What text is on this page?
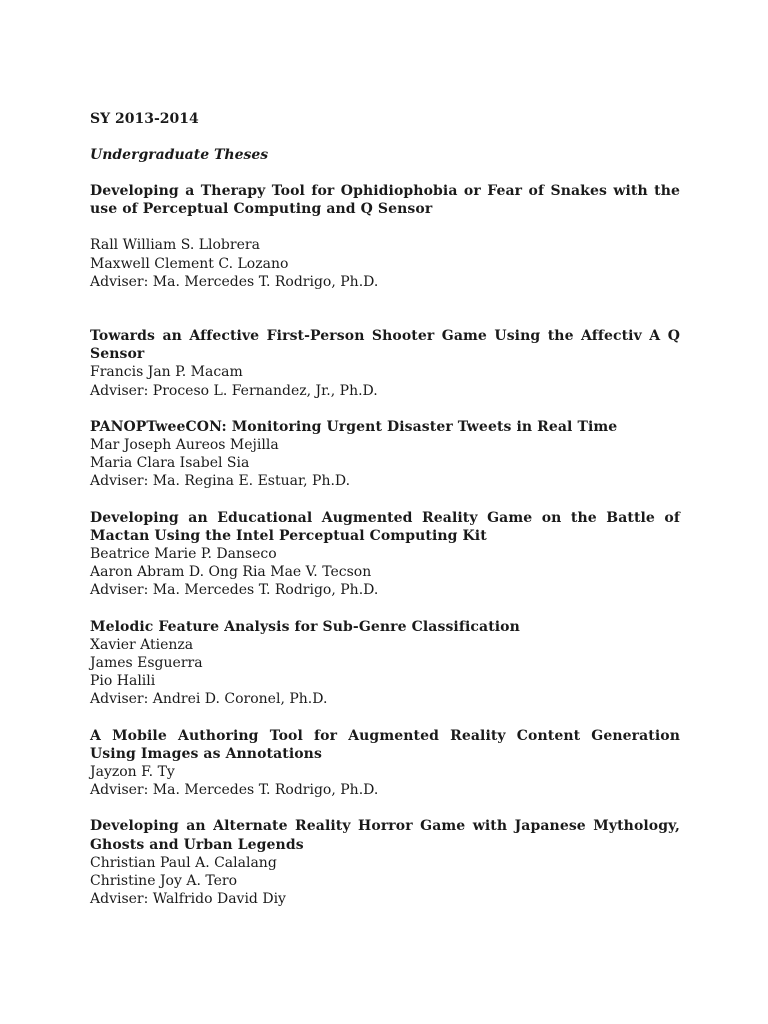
SY 2013-2014
Undergraduate Theses
Developing a Therapy Tool for Ophidiophobia or Fear of Snakes with the use of Perceptual Computing and Q Sensor
Rall William S. Llobrera
Maxwell Clement C. Lozano
Adviser: Ma. Mercedes T. Rodrigo, Ph.D.
Towards an Affective First-Person Shooter Game Using the Affectiv A Q Sensor
Francis Jan P. Macam
Adviser: Proceso L. Fernandez, Jr., Ph.D.
PANOPTweeCON: Monitoring Urgent Disaster Tweets in Real Time
Mar Joseph Aureos Mejilla
Maria Clara Isabel Sia
Adviser: Ma. Regina E. Estuar, Ph.D.
Developing an Educational Augmented Reality Game on the Battle of Mactan Using the Intel Perceptual Computing Kit
Beatrice Marie P. Danseco
Aaron Abram D. Ong Ria Mae V. Tecson
Adviser: Ma. Mercedes T. Rodrigo, Ph.D.
Melodic Feature Analysis for Sub-Genre Classification
Xavier Atienza
James Esguerra
Pio Halili
Adviser: Andrei D. Coronel, Ph.D.
A Mobile Authoring Tool for Augmented Reality Content Generation Using Images as Annotations
Jayzon F. Ty
Adviser: Ma. Mercedes T. Rodrigo, Ph.D.
Developing an Alternate Reality Horror Game with Japanese Mythology, Ghosts and Urban Legends
Christian Paul A. Calalang
Christine Joy A. Tero
Adviser: Walfrido David Diy
